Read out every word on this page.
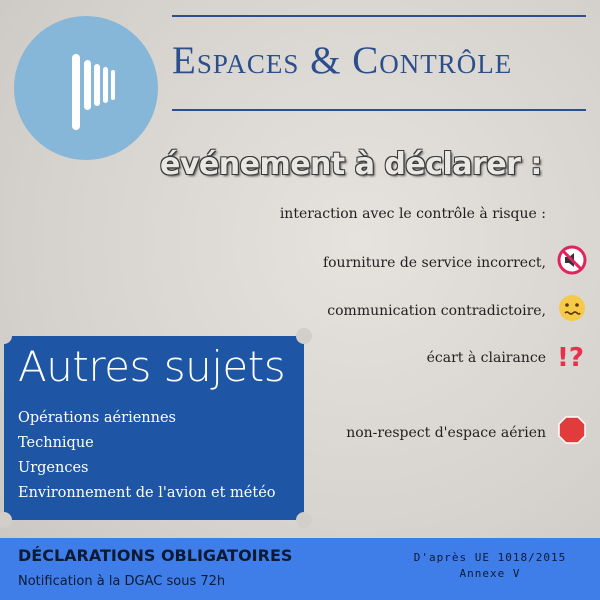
Espaces & Contrôle
événement à déclarer :
interaction avec le contrôle à risque :
fourniture de service incorrect,
communication contradictoire,
écart à clairance !?
non-respect d'espace aérien
Autres sujets
Opérations aériennes
Technique
Urgences
Environnement de l'avion et météo
DÉCLARATIONS OBLIGATOIRES
Notification à la DGAC sous 72h
D'après UE 1018/2015
Annexe V
